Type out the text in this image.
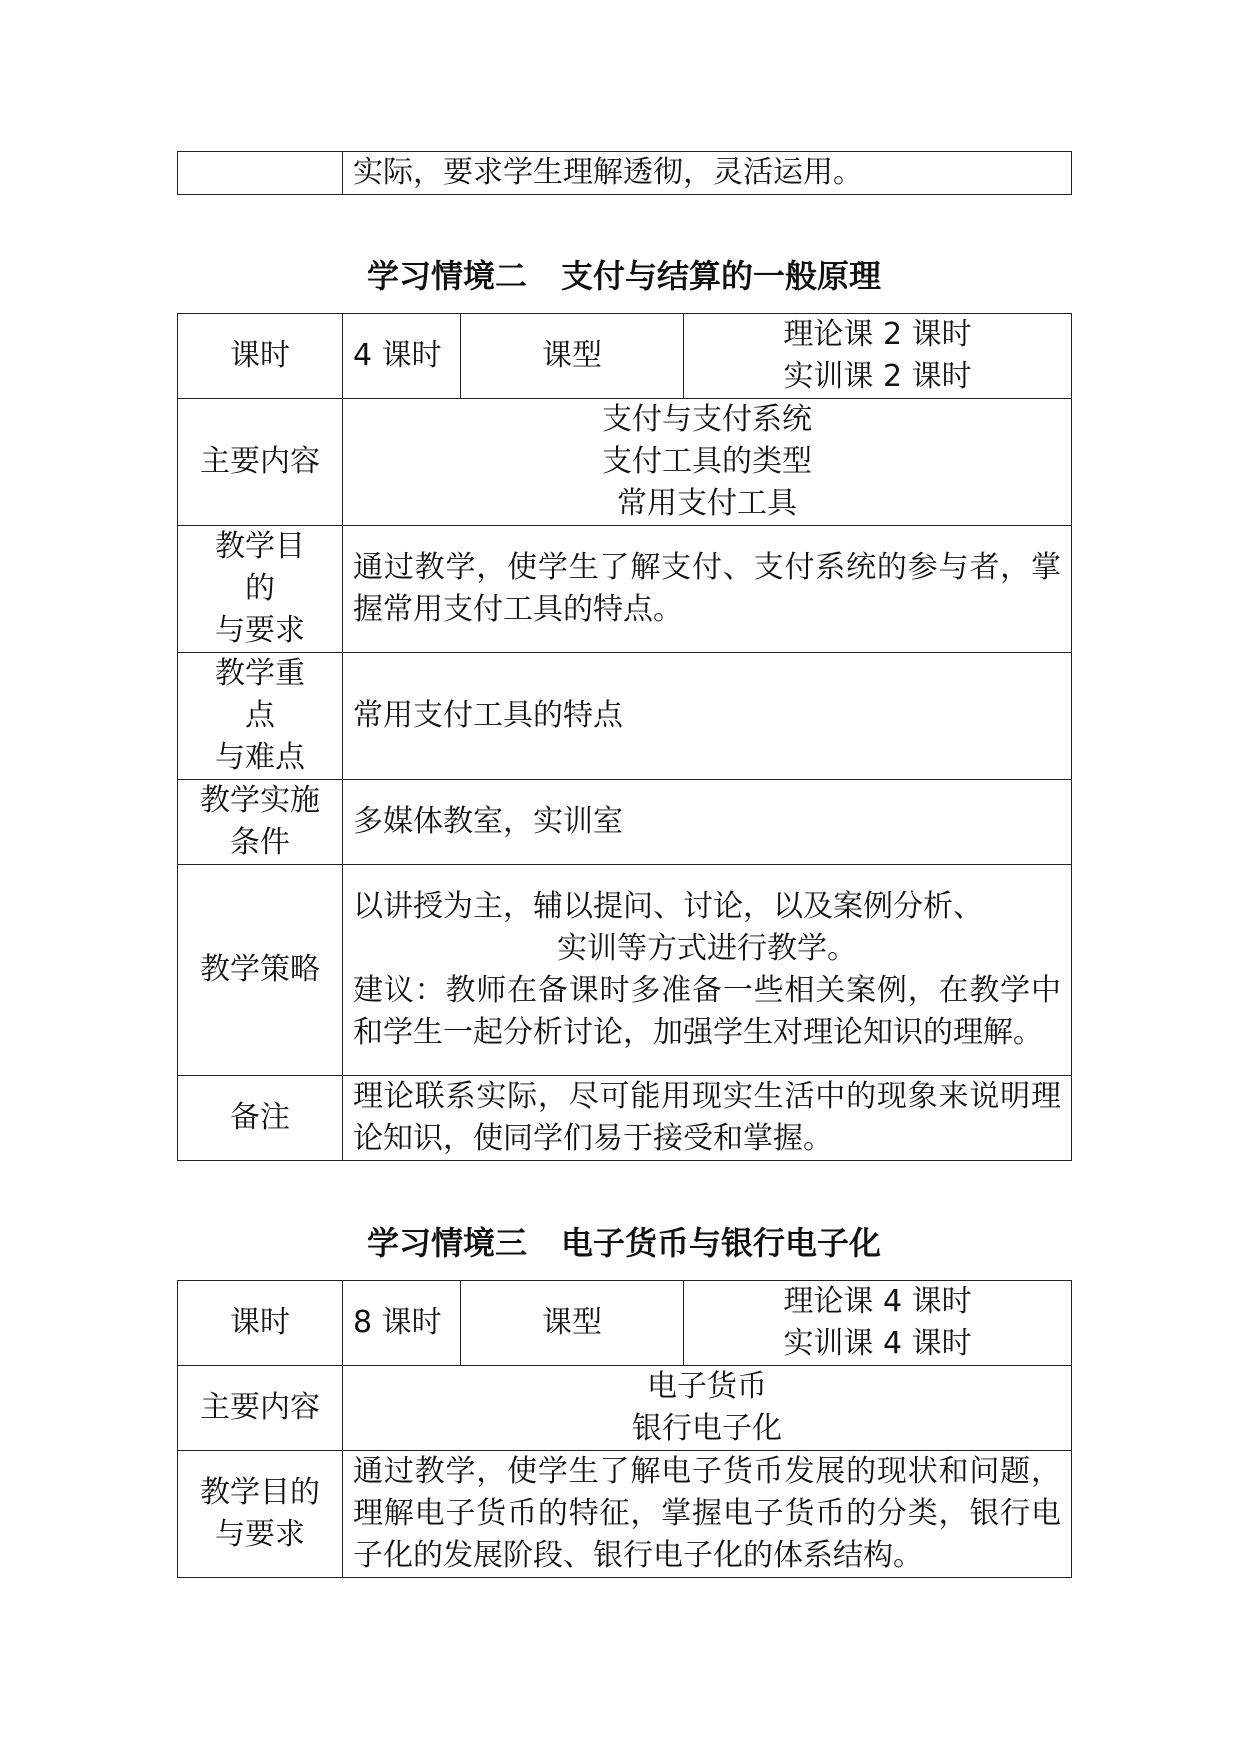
	实际，要求学生理解透彻，灵活运用。
学习情境二 支付与结算的一般原理
课时	4 课时	课型	理论课 2 课时
实训课 2 课时

主要内容	支付与支付系统
支付工具的类型
常用支付工具		

教学目
的
与要求	通过教学，使学生了解支付、支付系统的参与者，掌握常用支付工具的特点。		

教学重
点
与难点	常用支付工具的特点		

教学实施
条件	多媒体教室，实训室		
教学策略	以讲授为主，辅以提问、讨论，以及案例分析、
实训等方式进行教学。
建议：教师在备课时多准备一些相关案例，在教学中和学生一起分析讨论，加强学生对理论知识的理解。		

备注	理论联系实际，尽可能用现实生活中的现象来说明理论知识，使同学们易于接受和掌握。		
学习情境三 电子货币与银行电子化
课时	8 课时	课型	理论课 4 课时
实训课 4 课时

主要内容	电子货币
银行电子化		

教学目的
与要求	通过教学，使学生了解电子货币发展的现状和问题，理解电子货币的特征，掌握电子货币的分类，银行电子化的发展阶段、银行电子化的体系结构。		
